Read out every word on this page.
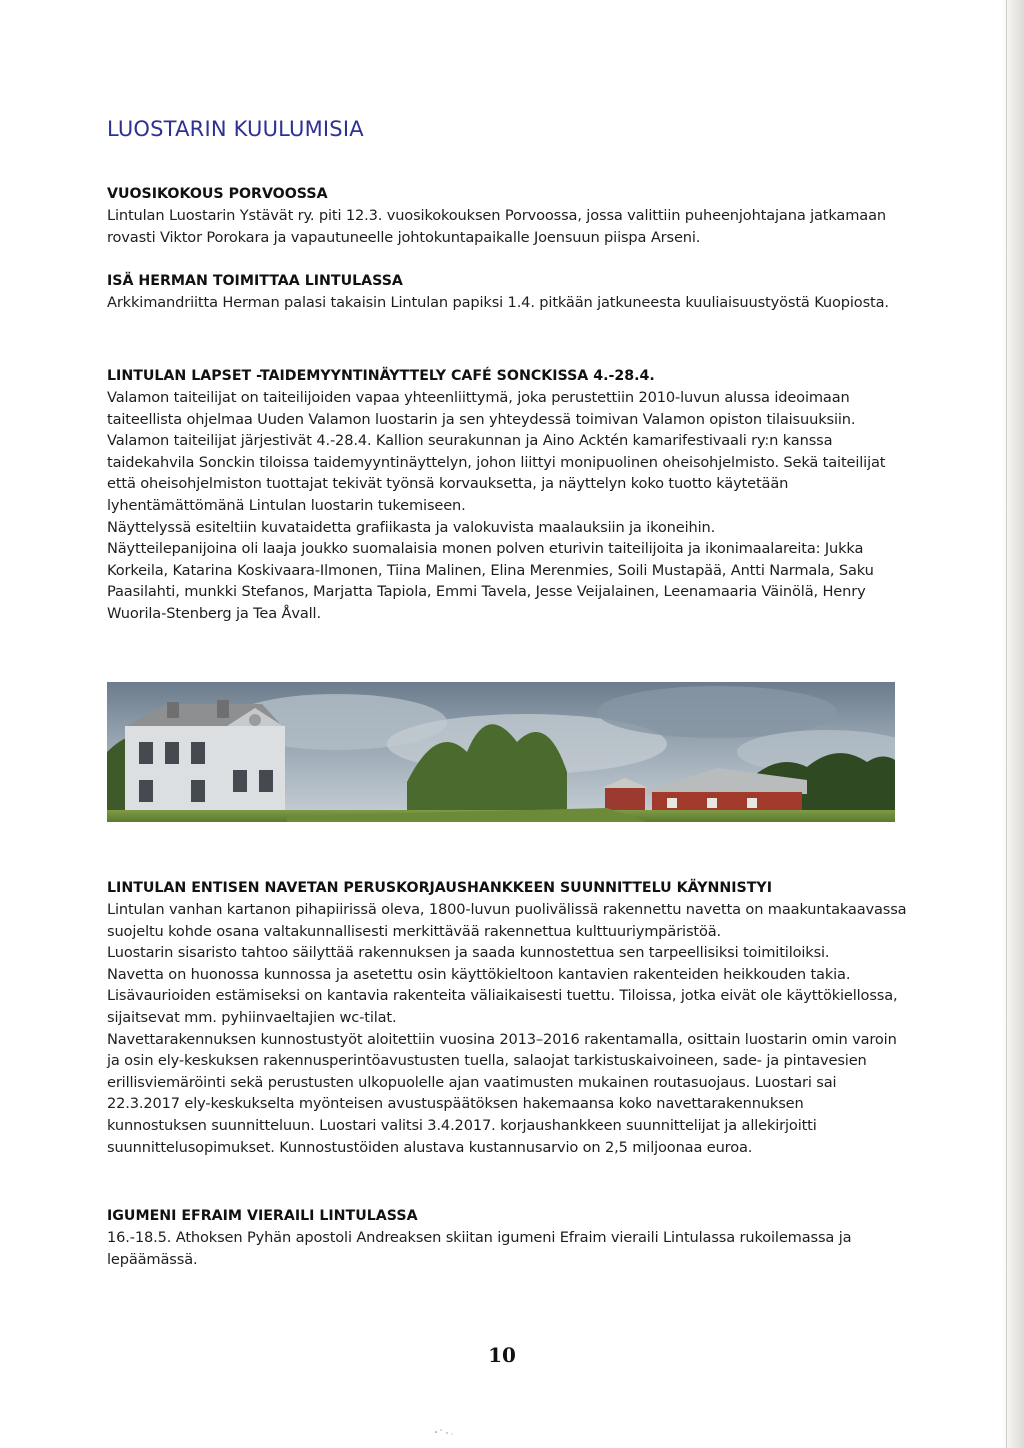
LUOSTARIN KUULUMISIA
VUOSIKOKOUS PORVOOSSA

Lintulan Luostarin Ystävät ry. piti 12.3. vuosikokouksen Porvoossa, jossa valittiin puheenjohtajana jatkamaan rovasti Viktor Porokara ja vapautuneelle johtokuntapaikalle Joensuun piispa Arseni.

ISÄ HERMAN TOIMITTAA LINTULASSA

Arkkimandriitta Herman palasi takaisin Lintulan papiksi 1.4. pitkään jatkuneesta kuuliaisuustyöstä Kuopiosta.

LINTULAN LAPSET -TAIDEMYYNTINÄYTTELY CAFÉ SONCKISSA 4.-28.4.

Valamon taiteilijat on taiteilijoiden vapaa yhteenliittymä, joka perustettiin 2010-luvun alussa ideoimaan taiteellista ohjelmaa Uuden Valamon luostarin ja sen yhteydessä toimivan Valamon opiston tilaisuuksiin.

Valamon taiteilijat järjestivät 4.-28.4. Kallion seurakunnan ja Aino Acktén kamarifestivaali ry:n kanssa taidekahvila Sonckin tiloissa taidemyyntinäyttelyn, johon liittyi monipuolinen oheisohjelmisto. Sekä taiteilijat että oheisohjelmiston tuottajat tekivät työnsä korvauksetta, ja näyttelyn koko tuotto käytetään lyhentämättömänä Lintulan luostarin tukemiseen.

Näyttelyssä esiteltiin kuvataidetta grafiikasta ja valokuvista maalauksiin ja ikoneihin.

Näytteilepanijoina oli laaja joukko suomalaisia monen polven eturivin taiteilijoita ja ikonimaalareita: Jukka Korkeila, Katarina Koskivaara-Ilmonen, Tiina Malinen, Elina Merenmies, Soili Mustapää, Antti Narmala, Saku Paasilahti, munkki Stefanos, Marjatta Tapiola, Emmi Tavela, Jesse Veijalainen, Leenamaaria Väinölä, Henry Wuorila-Stenberg ja Tea Åvall.

LINTULAN ENTISEN NAVETAN PERUSKORJAUSHANKKEEN SUUNNITTELU KÄYNNISTYI

Lintulan vanhan kartanon pihapiirissä oleva, 1800-luvun puolivälissä rakennettu navetta on maakuntakaavassa suojeltu kohde osana valtakunnallisesti merkittävää rakennettua kulttuuriympäristöä.

Luostarin sisaristo tahtoo säilyttää rakennuksen ja saada kunnostettua sen tarpeellisiksi toimitiloiksi.

Navetta on huonossa kunnossa ja asetettu osin käyttökieltoon kantavien rakenteiden heikkouden takia. Lisävaurioiden estämiseksi on kantavia rakenteita väliaikaisesti tuettu. Tiloissa, jotka eivät ole käyttökiellossa, sijaitsevat mm. pyhiinvaeltajien wc-tilat.

Navettarakennuksen kunnostustyöt aloitettiin vuosina 2013–2016 rakentamalla, osittain luostarin omin varoin ja osin ely-keskuksen rakennusperintöavustusten tuella, salaojat tarkistuskaivoineen, sade- ja pintavesien erillisviemäröinti sekä perustusten ulkopuolelle ajan vaatimusten mukainen routasuojaus. Luostari sai 22.3.2017 ely-keskukselta myönteisen avustuspäätöksen hakemaansa koko navettarakennuksen kunnostuksen suunnitteluun. Luostari valitsi 3.4.2017. korjaushankkeen suunnittelijat ja allekirjoitti suunnittelusopimukset. Kunnostustöiden alustava kustannusarvio on 2,5 miljoonaa euroa.

IGUMENI EFRAIM VIERAILI LINTULASSA

16.-18.5. Athoksen Pyhän apostoli Andreaksen skiitan igumeni Efraim vieraili Lintulassa rukoilemassa ja lepäämässä.

10
